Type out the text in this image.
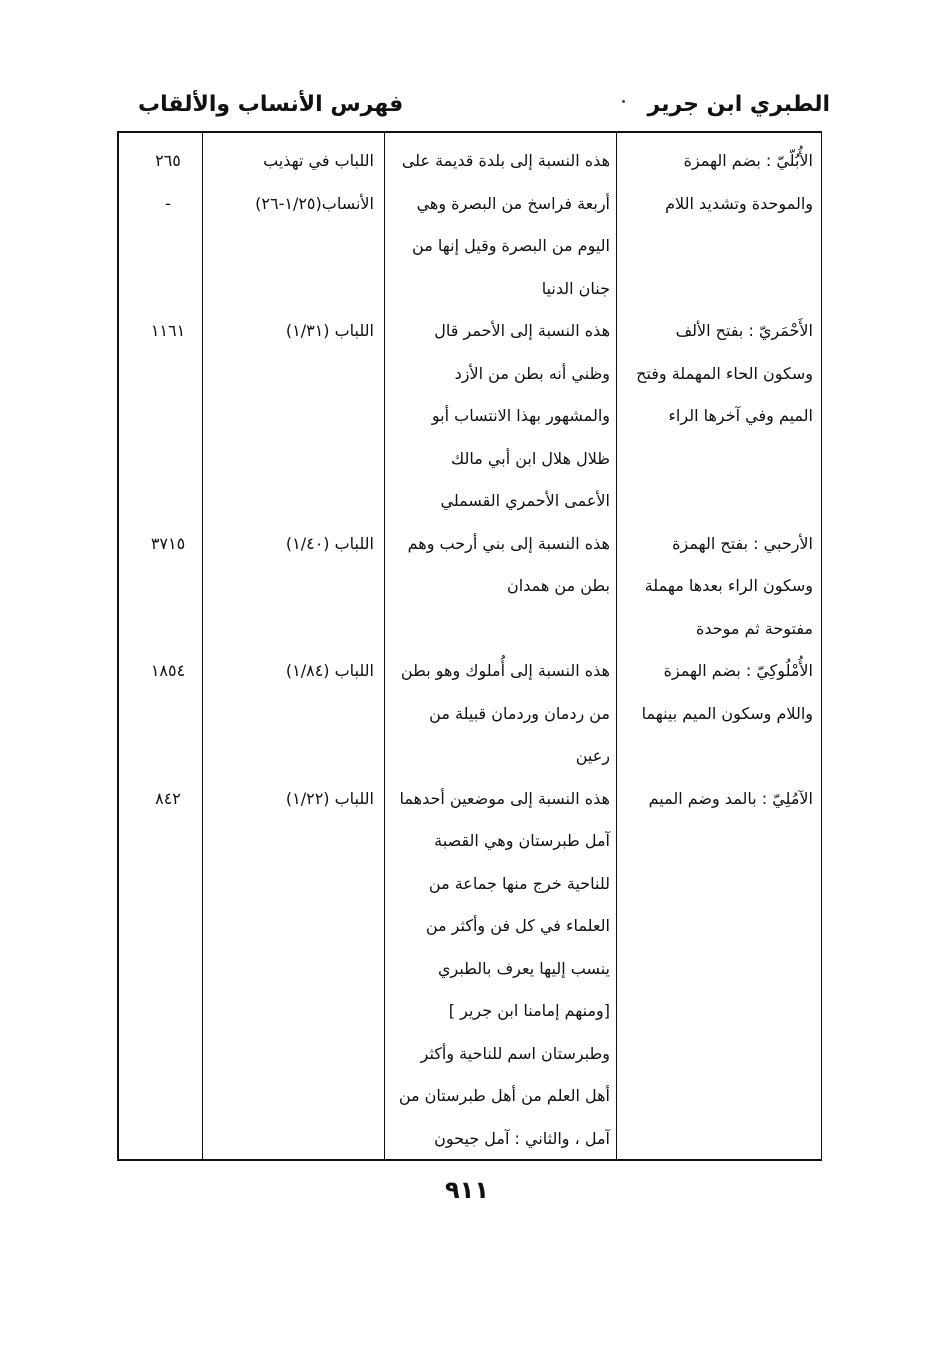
الطبري ابن جرير
فهرس الأنساب والألقاب
الأُبُلّيّ : بضم الهمزة
والموحدة وتشديد اللام
هذه النسبة إلى بلدة قديمة على
أربعة فراسخ من البصرة وهي
اليوم من البصرة وقيل إنها من
جنان الدنيا
اللباب في تهذيب
الأنساب(١/٢٥-٢٦)
٢٦٥
-
الأَحْمَريّ : بفتح الألف
وسكون الحاء المهملة وفتح
الميم وفي آخرها الراء
هذه النسبة إلى الأحمر قال
وظني أنه بطن من الأزد
والمشهور بهذا الانتساب أبو
ظلال هلال ابن أبي مالك
الأعمى الأحمري القسملي
اللباب (١/٣١)
١١٦١
الأرحبي : بفتح الهمزة
وسكون الراء بعدها مهملة
مفتوحة ثم موحدة
هذه النسبة إلى بني أرحب وهم
بطن من همدان
اللباب (١/٤٠)
٣٧١٥
الأُمْلُوكِيّ : بضم الهمزة
واللام وسكون الميم بينهما
هذه النسبة إلى أُملوك وهو بطن
من ردمان وردمان قبيلة من
رعين
اللباب (١/٨٤)
١٨٥٤
الآمُلِيّ : بالمد وضم الميم
هذه النسبة إلى موضعين أحدهما
آمل طبرستان وهي القصبة
للناحية خرج منها جماعة من
العلماء في كل فن وأكثر من
ينسب إليها يعرف بالطبري
[ومنهم إمامنا ابن جرير ]
وطبرستان اسم للناحية وأكثر
أهل العلم من أهل طبرستان من
آمل ، والثاني : آمل جيحون
اللباب (١/٢٢)
٨٤٢
٩١١
